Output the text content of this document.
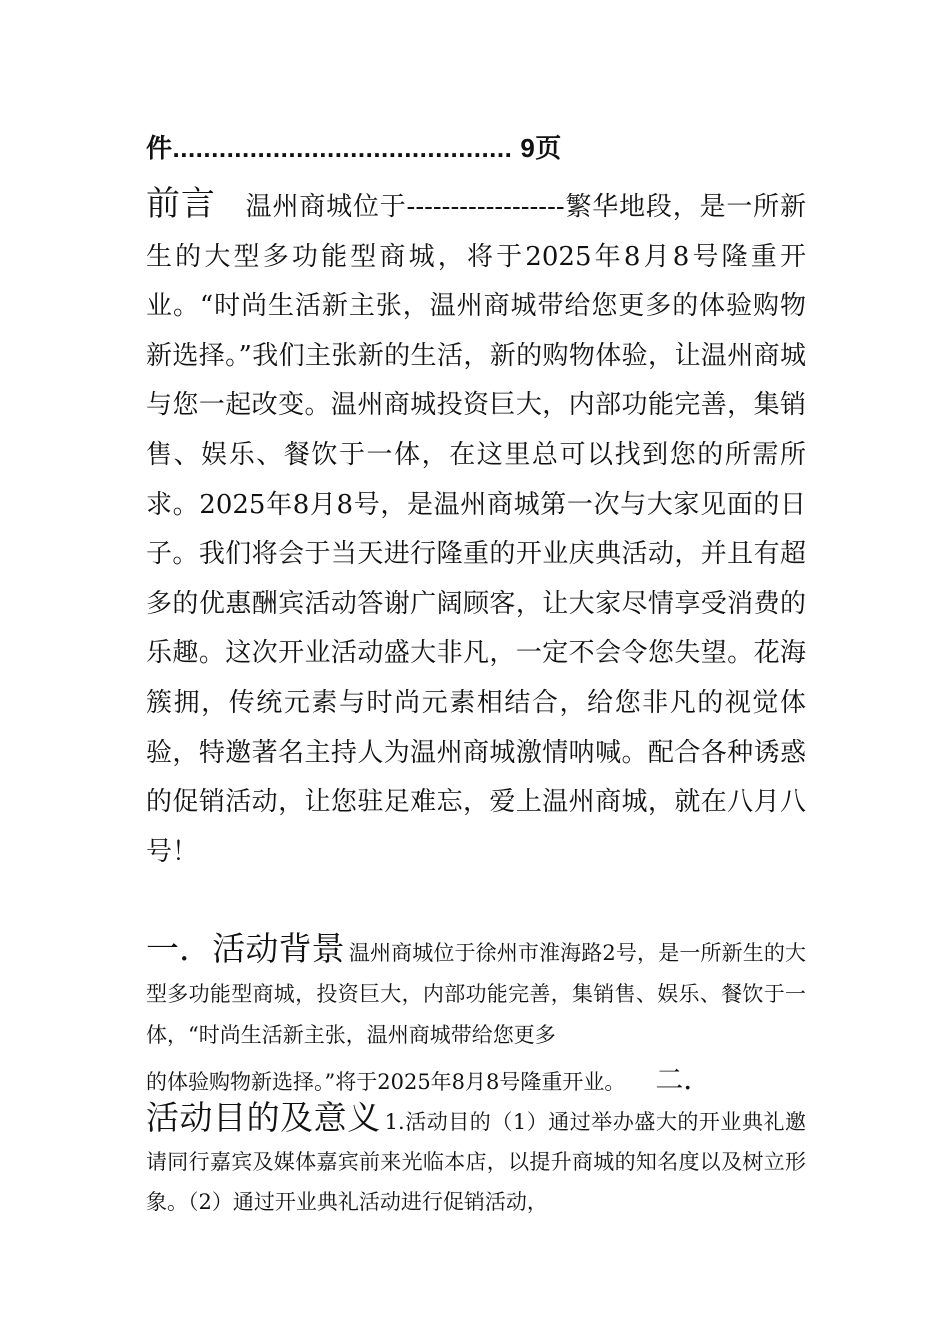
件............................................ 9页
前言 温州商城位于------------------繁华地段，是一所新生的大型多功能型商城，将于2025年8月8号隆重开业。“时尚生活新主张，温州商城带给您更多的体验购物新选择。”我们主张新的生活，新的购物体验，让温州商城与您一起改变。温州商城投资巨大，内部功能完善，集销售、娱乐、餐饮于一体，在这里总可以找到您的所需所求。2025年8月8号，是温州商城第一次与大家见面的日子。我们将会于当天进行隆重的开业庆典活动，并且有超多的优惠酬宾活动答谢广阔顾客，让大家尽情享受消费的乐趣。这次开业活动盛大非凡，一定不会令您失望。花海簇拥，传统元素与时尚元素相结合，给您非凡的视觉体验，特邀著名主持人为温州商城激情呐喊。配合各种诱惑的促销活动，让您驻足难忘，爱上温州商城，就在八月八号！
一．活动背景 温州商城位于徐州市淮海路2号，是一所新生的大型多功能型商城，投资巨大，内部功能完善，集销售、娱乐、餐饮于一体，“时尚生活新主张，温州商城带给您更多
的体验购物新选择。”将于2025年8月8号隆重开业。 二．
活动目的及意义 1.活动目的（1）通过举办盛大的开业典礼邀请同行嘉宾及媒体嘉宾前来光临本店，以提升商城的知名度以及树立形象。（2）通过开业典礼活动进行促销活动，
